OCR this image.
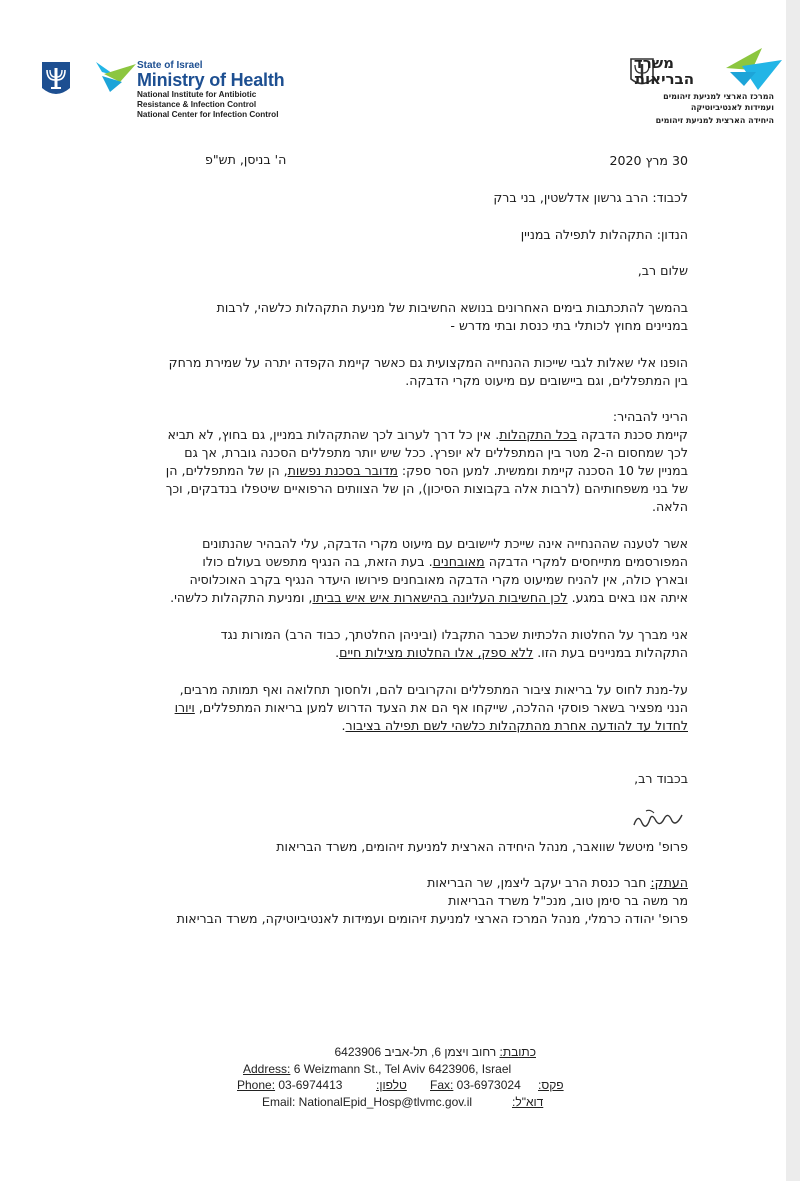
State of Israel
Ministry of Health
National Institute for Antibiotic
Resistance & Infection Control
National Center for Infection Control
משרד
הבריאות
המרכז הארצי למניעת זיהומים
ועמידות לאנטיביוטיקה
היחידה הארצית למניעת זיהומים
30 מרץ 2020
ה' בניסן, תש"פ
לכבוד: הרב גרשון אדלשטין, בני ברק
הנדון: התקהלות לתפילה במניין
שלום רב,
בהמשך להתכתבות בימים האחרונים בנושא החשיבות של מניעת התקהלות כלשהי, לרבות
במניינים מחוץ לכותלי בתי כנסת ובתי מדרש -
הופנו אלי שאלות לגבי שייכות ההנחייה המקצועית גם כאשר קיימת הקפדה יתרה על שמירת מרחק
בין המתפללים, וגם ביישובים עם מיעוט מקרי הדבקה.
הריני להבהיר:
קיימת סכנת הדבקה בכל התקהלות. אין כל דרך לערוב לכך שהתקהלות במניין, גם בחוץ, לא תביא
לכך שמחסום ה-2 מטר בין המתפללים לא יופרץ. ככל שיש יותר מתפללים הסכנה גוברת, אך גם
במניין של 10 הסכנה קיימת וממשית. למען הסר ספק: מדובר בסכנת נפשות, הן של המתפללים, הן
של בני משפחותיהם (לרבות אלה בקבוצות הסיכון), הן של הצוותים הרפואיים שיטפלו בנדבקים, וכך
הלאה.
אשר לטענה שההנחייה אינה שייכת ליישובים עם מיעוט מקרי הדבקה, עלי להבהיר שהנתונים
המפורסמים מתייחסים למקרי הדבקה מאובחנים. בעת הזאת, בה הנגיף מתפשט בעולם כולו
ובארץ כולה, אין להניח שמיעוט מקרי הדבקה מאובחנים פירושו היעדר הנגיף בקרב האוכלוסיה
איתה אנו באים במגע. לכן החשיבות העליונה בהישארות איש איש בביתו, ומניעת התקהלות כלשהי.
אני מברך על החלטות הלכתיות שכבר התקבלו (וביניהן החלטתך, כבוד הרב) המורות נגד
התקהלות במניינים בעת הזו. ללא ספק, אלו החלטות מצילות חיים.
על-מנת לחוס על בריאות ציבור המתפללים והקרובים להם, ולחסוך תחלואה ואף תמותה מרבים,
הנני מפציר בשאר פוסקי ההלכה, שייקחו אף הם את הצעד הדרוש למען בריאות המתפללים, ויורו
לחדול עד להודעה אחרת מהתקהלות כלשהי לשם תפילה בציבור.
בכבוד רב,
פרופ' מיטשל שוואבר, מנהל היחידה הארצית למניעת זיהומים, משרד הבריאות
העתק: חבר כנסת הרב יעקב ליצמן, שר הבריאות
מר משה בר סימן טוב, מנכ"ל משרד הבריאות
פרופ' יהודה כרמלי, מנהל המרכז הארצי למניעת זיהומים ועמידות לאנטיביוטיקה, משרד הבריאות
כתובת: רחוב ויצמן 6, תל-אביב 6423906
Address: 6 Weizmann St., Tel Aviv 6423906, Israel
Phone: 03-6974413	טלפון: Fax: 03-6973024 פקס:
Email: NationalEpid_Hosp@tlvmc.gov.il	דוא"ל:
